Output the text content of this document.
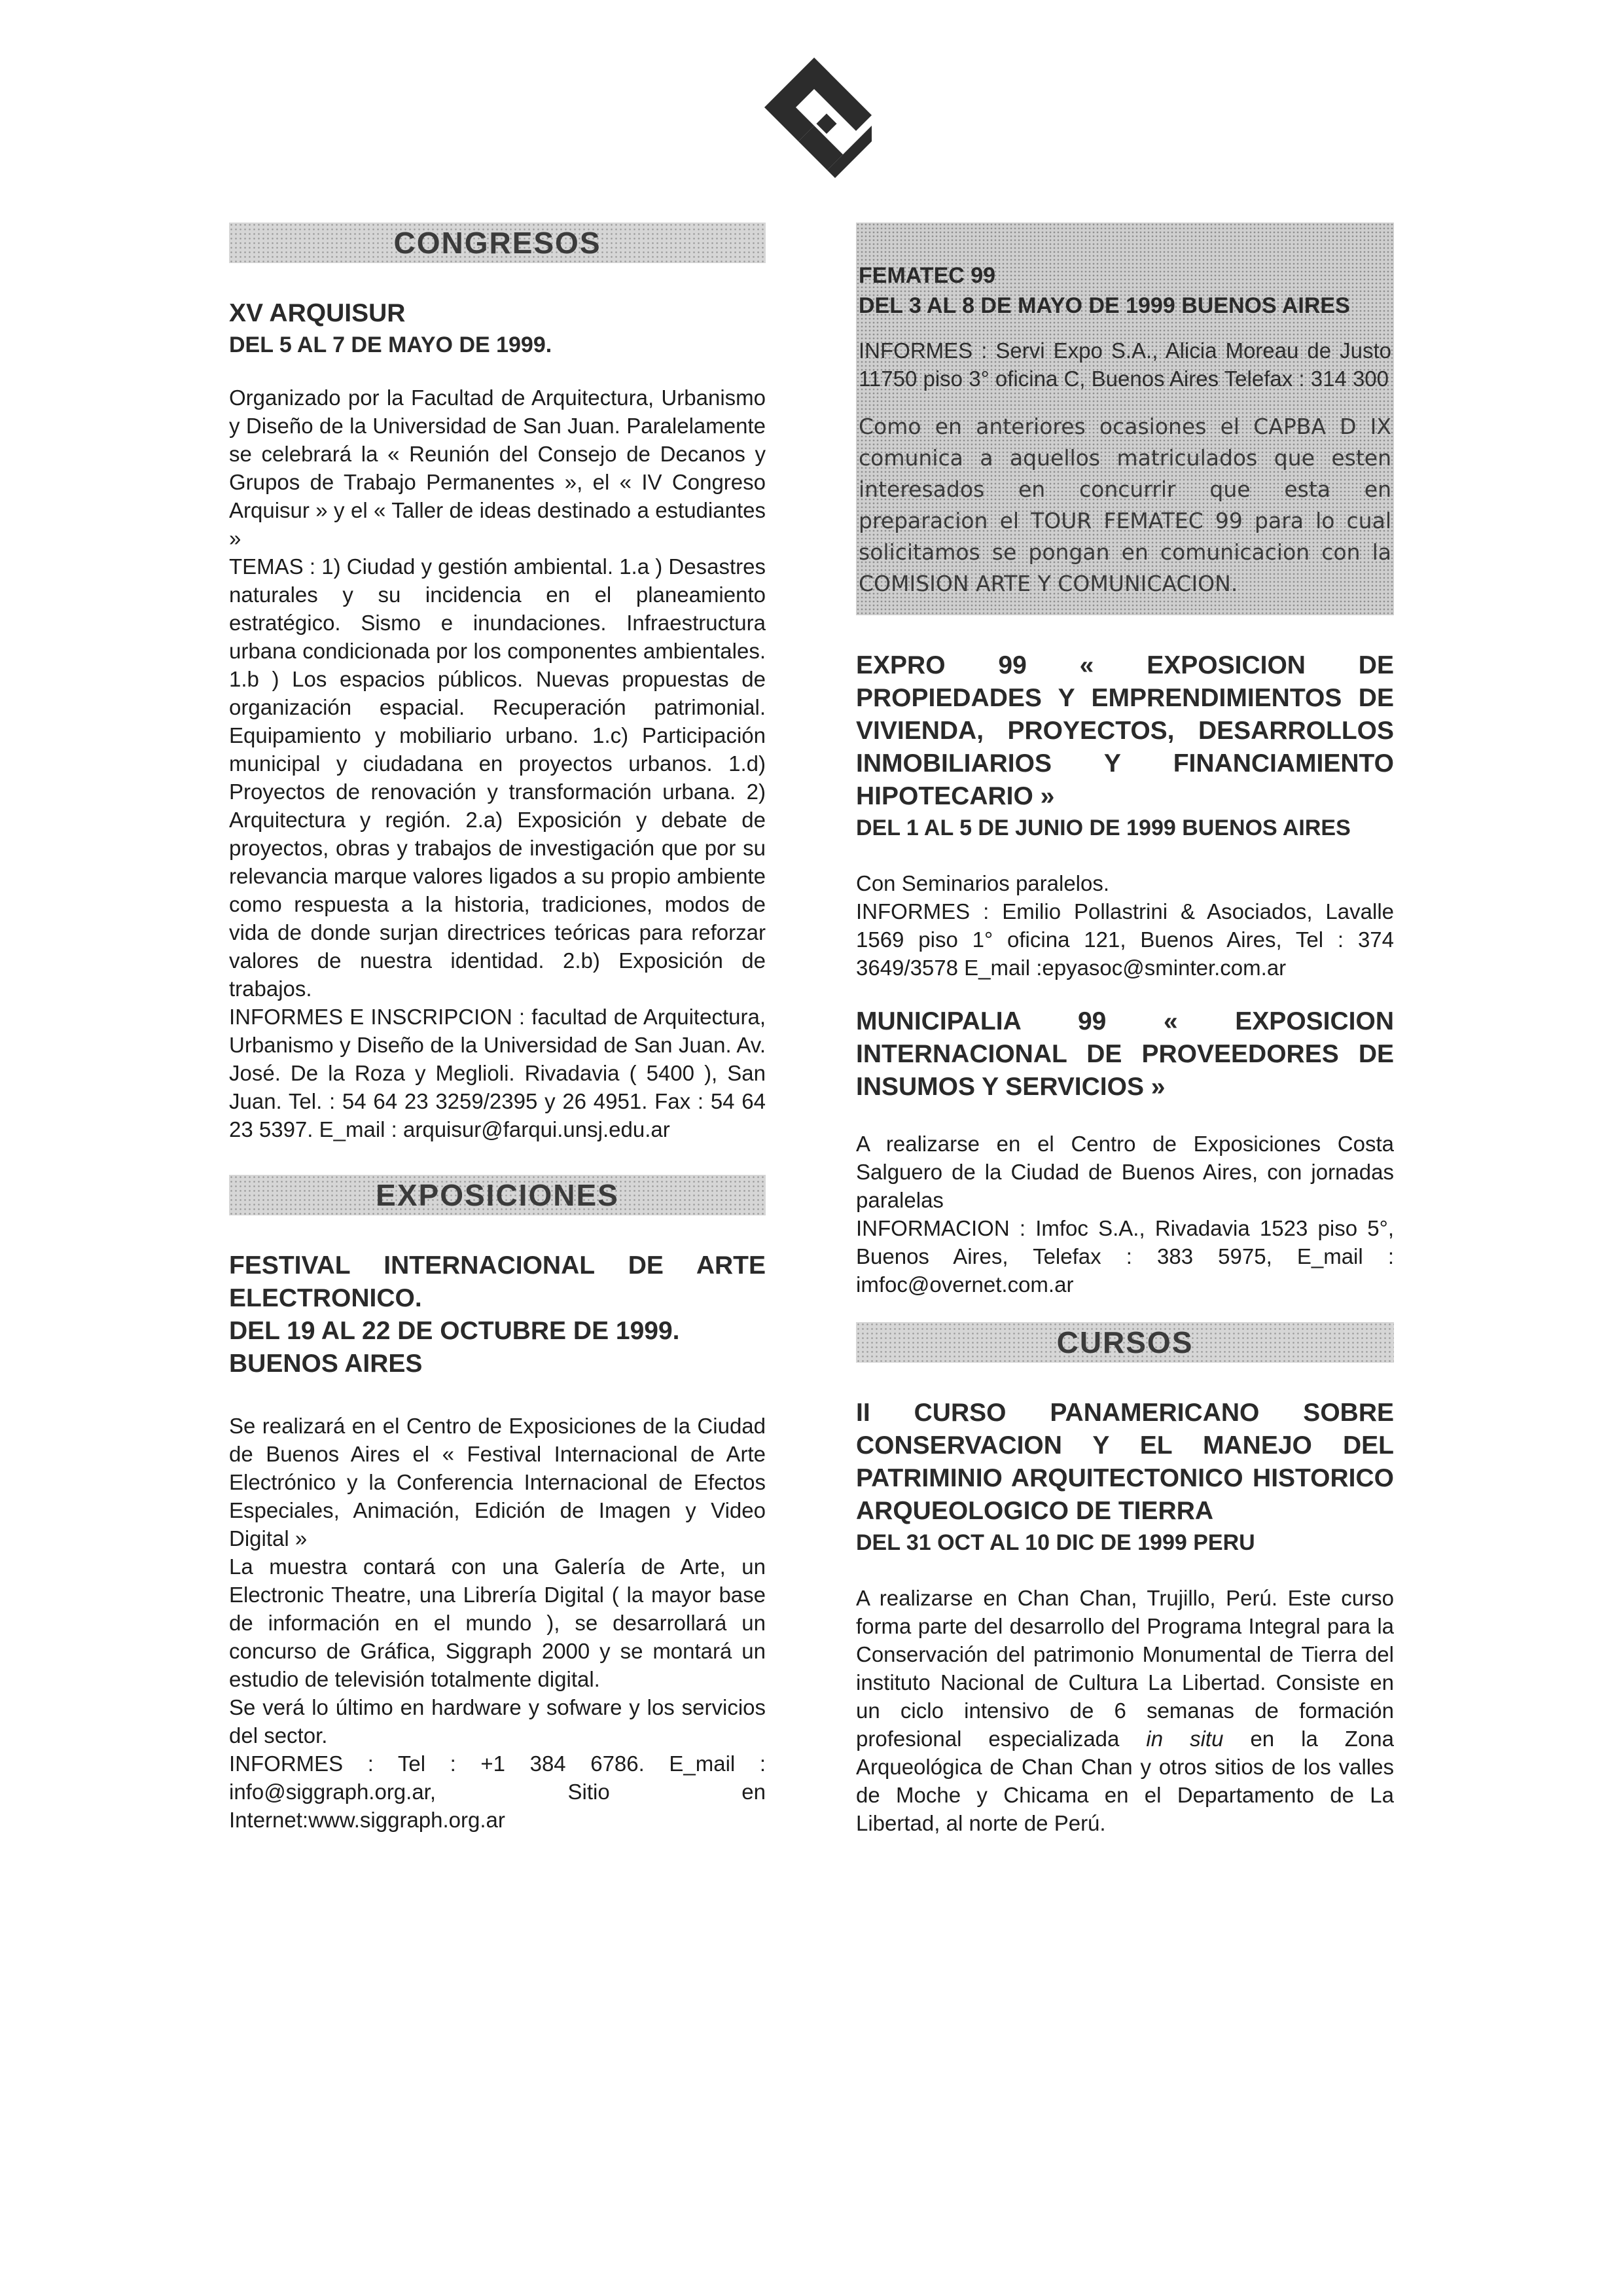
CONGRESOS

XV ARQUISUR

DEL 5 AL 7 DE MAYO DE 1999.

Organizado por la Facultad de Arquitectura, Urbanismo y Diseño de la Universidad de San Juan. Paralelamente se celebrará la « Reunión del Consejo de Decanos y Grupos de Trabajo Permanentes », el « IV Congreso Arquisur » y el « Taller de ideas destinado a estudiantes »
TEMAS : 1) Ciudad y gestión ambiental. 1.a ) Desastres naturales y su incidencia en el planeamiento estratégico. Sismo e inundaciones. Infraestructura urbana condicionada por los componentes ambientales. 1.b ) Los espacios públicos. Nuevas propuestas de organización espacial. Recuperación patrimonial. Equipamiento y mobiliario urbano. 1.c) Participación municipal y ciudadana en proyectos urbanos. 1.d) Proyectos de renovación y transformación urbana. 2) Arquitectura y región. 2.a) Exposición y debate de proyectos, obras y trabajos de investigación que por su relevancia marque valores ligados a su propio ambiente como respuesta a la historia, tradiciones, modos de vida de donde surjan directrices teóricas para reforzar valores de nuestra identidad. 2.b) Exposición de trabajos.
INFORMES E INSCRIPCION : facultad de Arquitectura, Urbanismo y Diseño de la Universidad de San Juan. Av. José. De la Roza y Meglioli. Rivadavia ( 5400 ), San Juan. Tel. : 54 64 23 3259/2395 y 26 4951. Fax : 54 64 23 5397. E_mail : arquisur@farqui.unsj.edu.ar
EXPOSICIONES

FESTIVAL INTERNACIONAL DE ARTE ELECTRONICO.

DEL 19 AL 22 DE OCTUBRE DE 1999.

BUENOS AIRES

Se realizará en el Centro de Exposiciones de la Ciudad de Buenos Aires el « Festival Internacional de Arte Electrónico y la Conferencia Internacional de Efectos Especiales, Animación, Edición de Imagen y Video Digital »
La muestra contará con una Galería de Arte, un Electronic Theatre, una Librería Digital ( la mayor base de información en el mundo ), se desarrollará un concurso de Gráfica, Siggraph 2000 y se montará un estudio de televisión totalmente digital.
Se verá lo último en hardware y sofware y los servicios del sector.
INFORMES : Tel : +1 384 6786. E_mail : info@siggraph.org.ar, Sitio en Internet:www.siggraph.org.ar

FEMATEC 99

DEL 3 AL 8 DE MAYO DE 1999 BUENOS AIRES

INFORMES : Servi Expo S.A., Alicia Moreau de Justo 11750 piso 3° oficina C, Buenos Aires Telefax : 314 300

Como en anteriores ocasiones el CAPBA D IX comunica a aquellos matriculados que esten interesados en concurrir que esta en preparacion el TOUR FEMATEC 99 para lo cual solicitamos se pongan en comunicacion con la COMISION ARTE Y COMUNICACION.

EXPRO 99 « EXPOSICION DE PROPIEDADES Y EMPRENDIMIENTOS DE VIVIENDA, PROYECTOS, DESARROLLOS INMOBILIARIOS Y FINANCIAMIENTO HIPOTECARIO »

DEL 1 AL 5 DE JUNIO DE 1999 BUENOS AIRES

Con Seminarios paralelos.
INFORMES : Emilio Pollastrini & Asociados, Lavalle 1569 piso 1° oficina 121, Buenos Aires, Tel : 374 3649/3578 E_mail :epyasoc@sminter.com.ar

MUNICIPALIA 99 « EXPOSICION INTERNACIONAL DE PROVEEDORES DE INSUMOS Y SERVICIOS »

A realizarse en el Centro de Exposiciones Costa Salguero de la Ciudad de Buenos Aires, con jornadas paralelas
INFORMACION : Imfoc S.A., Rivadavia 1523 piso 5°, Buenos Aires, Telefax : 383 5975, E_mail : imfoc@overnet.com.ar
CURSOS

II CURSO PANAMERICANO SOBRE CONSERVACION Y EL MANEJO DEL PATRIMINIO ARQUITECTONICO HISTORICO ARQUEOLOGICO DE TIERRA

DEL 31 OCT AL 10 DIC DE 1999 PERU

A realizarse en Chan Chan, Trujillo, Perú. Este curso forma parte del desarrollo del Programa Integral para la Conservación del patrimonio Monumental de Tierra del instituto Nacional de Cultura La Libertad. Consiste en un ciclo intensivo de 6 semanas de formación profesional especializada in situ en la Zona Arqueológica de Chan Chan y otros sitios de los valles de Moche y Chicama en el Departamento de La Libertad, al norte de Perú.
